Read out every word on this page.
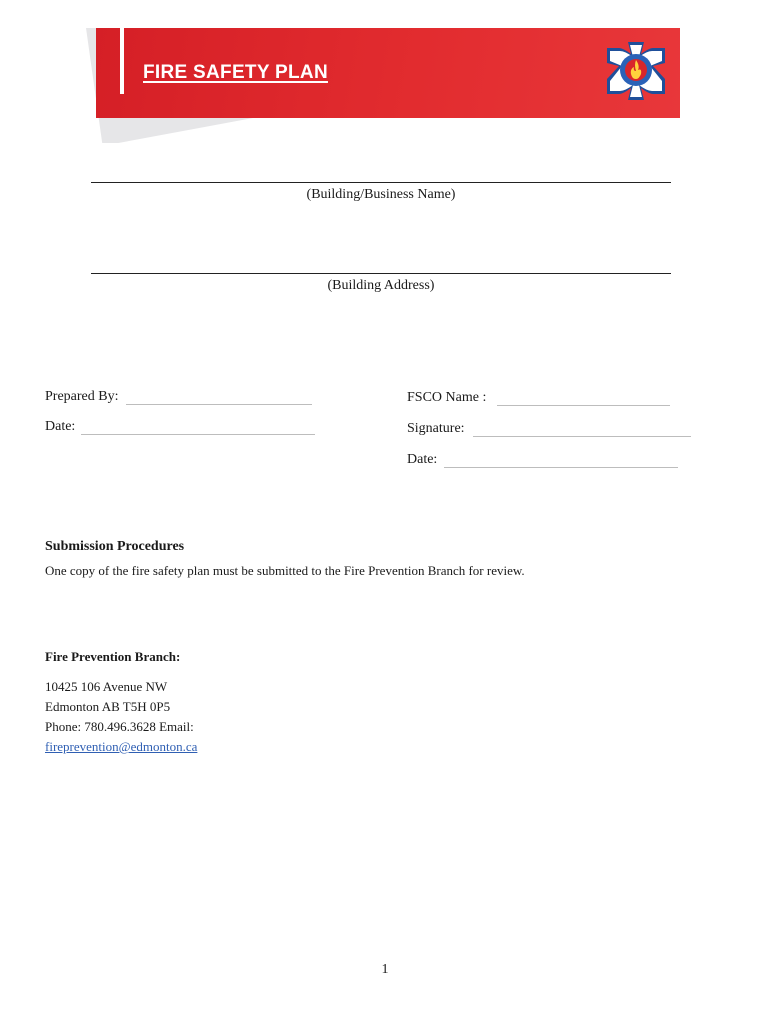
FIRE SAFETY PLAN
(Building/Business Name)
(Building Address)
Prepared By:
Date:
FSCO Name :
Signature:
Date:
Submission Procedures
One copy of the fire safety plan must be submitted to the Fire Prevention Branch for review.
Fire Prevention Branch:
10425 106 Avenue NW
Edmonton AB T5H 0P5
Phone: 780.496.3628 Email:
fireprevention@edmonton.ca
1
